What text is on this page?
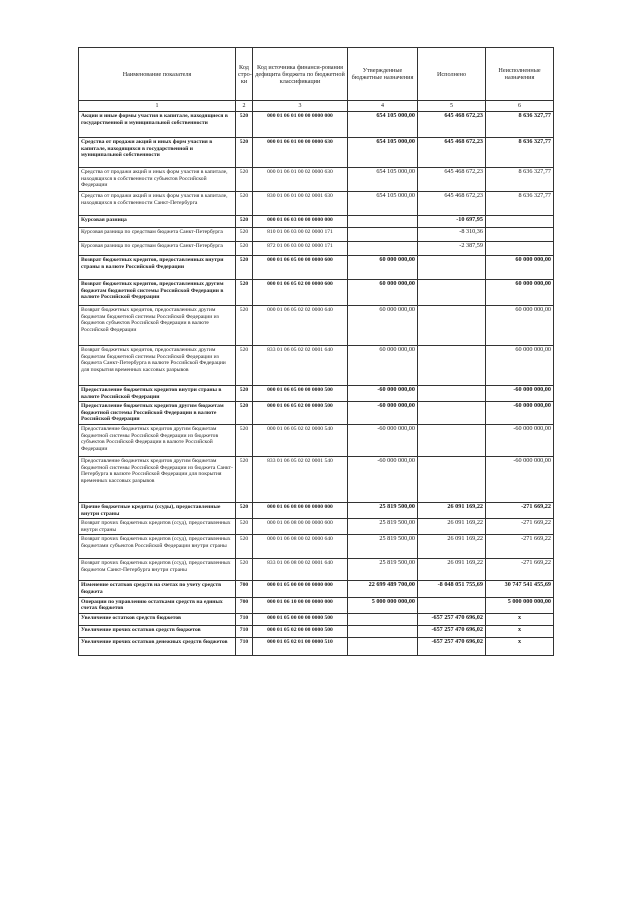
Наименование показателя	Код стро-ки	Код источника финанси-рования дефицита бюджета по бюджетной классификации	Утвержденные бюджетные назначения	Исполнено	Неисполненные назначения
1	2	3	4	5	6
Акции и иные формы участия в капитале, находящиеся в государственной и муниципальной собственности	520	000 01 06 01 00 00 0000 000	654 105 000,00	645 468 672,23	8 636 327,77
Средства от продажи акций и иных форм участия в капитале, находящихся в государственной и муниципальной собственности	520	000 01 06 01 00 00 0000 630	654 105 000,00	645 468 672,23	8 636 327,77
Средства от продажи акций и иных форм участия в капитале, находящихся в собственности субъектов Российской Федерации	520	000 01 06 01 00 02 0000 630	654 105 000,00	645 468 672,23	8 636 327,77
Средства от продажи акций и иных форм участия в капитале, находящихся в собственности Санкт-Петербурга	520	830 01 06 01 00 02 0001 630	654 105 000,00	645 468 672,23	8 636 327,77
Курсовая разница	520	000 01 06 03 00 00 0000 000		-10 697,95	
Курсовая разница по средствам бюджета Санкт-Петербурга	520	810 01 06 03 00 02 0000 171		-8 310,36	
Курсовая разница по средствам бюджета Санкт-Петербурга	520	872 01 06 03 00 02 0000 171		-2 387,59	
Возврат бюджетных кредитов, предоставленных внутри страны в валюте Российской Федерации	520	000 01 06 05 00 00 0000 600	60 000 000,00		60 000 000,00
Возврат бюджетных кредитов, предоставленных другим бюджетам бюджетной системы Российской Федерации в валюте Российской Федерации	520	000 01 06 05 02 00 0000 600	60 000 000,00		60 000 000,00
Возврат бюджетных кредитов, предоставленных другим бюджетам бюджетной системы Российской Федерации из бюджетов субъектов Российской Федерации в валюте Российской Федерации	520	000 01 06 05 02 02 0000 640	60 000 000,00		60 000 000,00
Возврат бюджетных кредитов, предоставленных другим бюджетам бюджетной системы Российской Федерации из бюджета Санкт-Петербурга в валюте Российской Федерации для покрытия временных кассовых разрывов	520	833 01 06 05 02 02 0001 640	60 000 000,00		60 000 000,00
Предоставление бюджетных кредитов внутри страны в валюте Российской Федерации	520	000 01 06 05 00 00 0000 500	-60 000 000,00		-60 000 000,00
Предоставление бюджетных кредитов другим бюджетам бюджетной системы Российской Федерации в валюте Российской Федерации	520	000 01 06 05 02 00 0000 500	-60 000 000,00		-60 000 000,00
Предоставление бюджетных кредитов другим бюджетам бюджетной системы Российской Федерации из бюджетов субъектов Российской Федерации в валюте Российской Федерации	520	000 01 06 05 02 02 0000 540	-60 000 000,00		-60 000 000,00
Предоставление бюджетных кредитов другим бюджетам бюджетной системы Российской Федерации из бюджета Санкт-Петербурга в валюте Российской Федерации для покрытия временных кассовых разрывов	520	833 01 06 05 02 02 0001 540	-60 000 000,00		-60 000 000,00
Прочие бюджетные кредиты (ссуды), предоставленные внутри страны	520	000 01 06 08 00 00 0000 000	25 819 500,00	26 091 169,22	-271 669,22
Возврат прочих бюджетных кредитов (ссуд), предоставленных внутри страны	520	000 01 06 08 00 00 0000 600	25 819 500,00	26 091 169,22	-271 669,22
Возврат прочих бюджетных кредитов (ссуд), предоставленных бюджетами субъектов Российской Федерации внутри страны	520	000 01 06 08 00 02 0000 640	25 819 500,00	26 091 169,22	-271 669,22
Возврат прочих бюджетных кредитов (ссуд), предоставленных бюджетом Санкт-Петербурга внутри страны	520	833 01 06 08 00 02 0001 640	25 819 500,00	26 091 169,22	-271 669,22
Изменение остатков средств на счетах по учету средств бюджета	700	000 01 05 00 00 00 0000 000	22 699 489 700,00	-8 048 051 755,69	30 747 541 455,69
Операции по управлению остатками средств на единых счетах бюджетов	700	000 01 06 10 00 00 0000 000	5 000 000 000,00		5 000 000 000,00
Увеличение остатков средств бюджетов	710	000 01 05 00 00 00 0000 500		-657 257 470 696,02	x
Увеличение прочих остатков средств бюджетов	710	000 01 05 02 00 00 0000 500		-657 257 470 696,02	x
Увеличение прочих остатков денежных средств бюджетов	710	000 01 05 02 01 00 0000 510		-657 257 470 696,02	x
